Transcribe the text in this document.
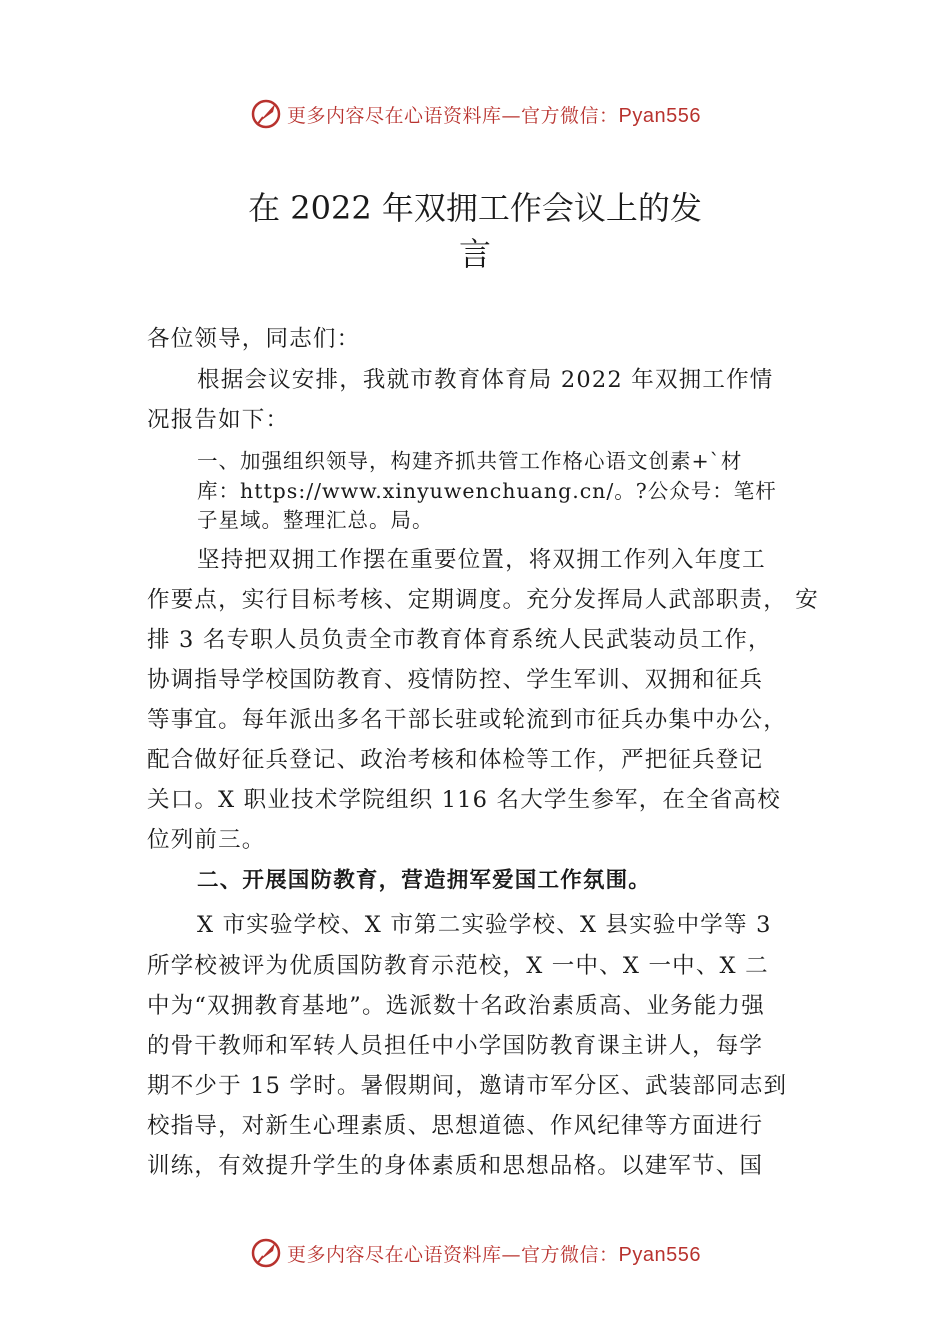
更多内容尽在心语资料库—官方微信：Pyan556
在 2022 年双拥工作会议上的发
言
各位领导，同志们：
根据会议安排，我就市教育体育局 2022 年双拥工作情
况报告如下：
一、加强组织领导，构建齐抓共管工作格心语文创素+`材
库：https://www.xinyuwenchuang.cn/。?公众号：笔杆
子星域。整理汇总。局。
坚持把双拥工作摆在重要位置，将双拥工作列入年度工
作要点，实行目标考核、定期调度。充分发挥局人武部职责， 安
排 3 名专职人员负责全市教育体育系统人民武装动员工作，
协调指导学校国防教育、疫情防控、学生军训、双拥和征兵
等事宜。每年派出多名干部长驻或轮流到市征兵办集中办公，
配合做好征兵登记、政治考核和体检等工作，严把征兵登记
关口。X 职业技术学院组织 116 名大学生参军，在全省高校
位列前三。
二、开展国防教育，营造拥军爱国工作氛围。
X 市实验学校、X 市第二实验学校、X 县实验中学等 3
所学校被评为优质国防教育示范校，X 一中、X 一中、X 二
中为“双拥教育基地”。选派数十名政治素质高、业务能力强
的骨干教师和军转人员担任中小学国防教育课主讲人，每学
期不少于 15 学时。暑假期间，邀请市军分区、武装部同志到
校指导，对新生心理素质、思想道德、作风纪律等方面进行
训练，有效提升学生的身体素质和思想品格。以建军节、国
更多内容尽在心语资料库—官方微信：Pyan556
